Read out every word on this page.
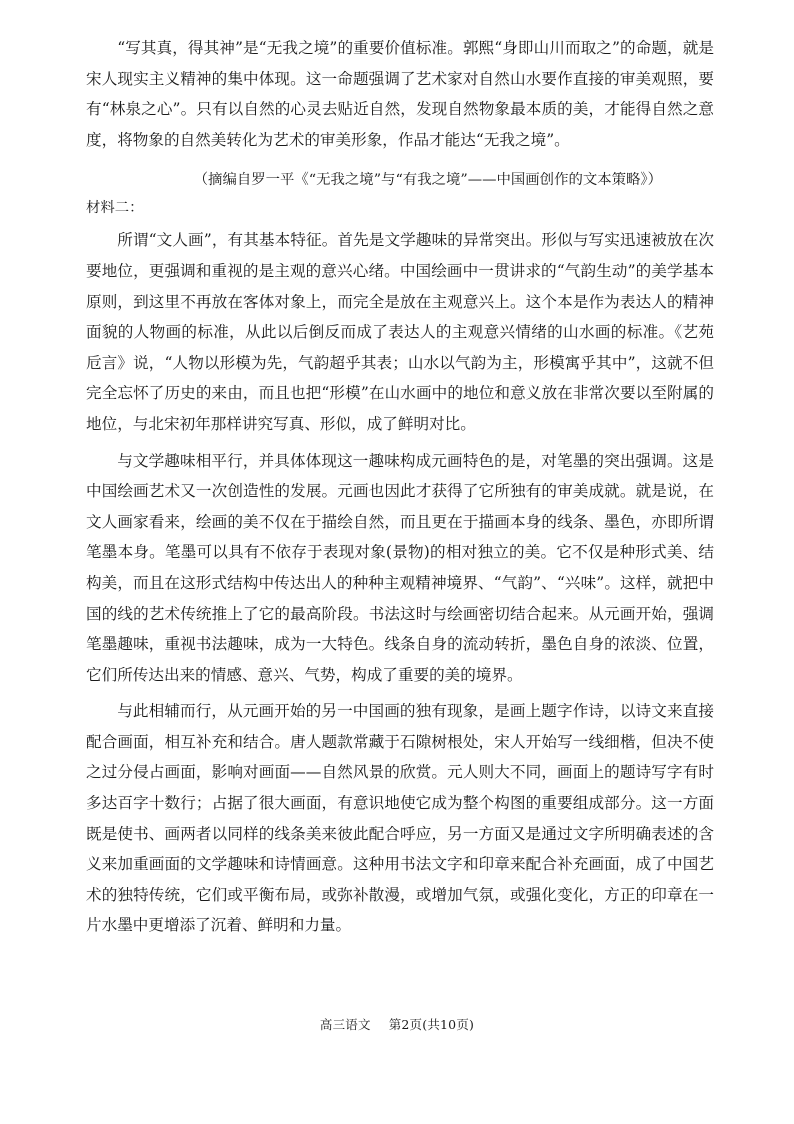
“写其真，得其神”是“无我之境”的重要价值标准。郭熙“身即山川而取之”的命题，就是宋人现实主义精神的集中体现。这一命题强调了艺术家对自然山水要作直接的审美观照，要有“林泉之心”。只有以自然的心灵去贴近自然，发现自然物象最本质的美，才能得自然之意度，将物象的自然美转化为艺术的审美形象，作品才能达“无我之境”。

（摘编自罗一平《“无我之境”与“有我之境”——中国画创作的文本策略》）

材料二：

所谓“文人画”，有其基本特征。首先是文学趣味的异常突出。形似与写实迅速被放在次要地位，更强调和重视的是主观的意兴心绪。中国绘画中一贯讲求的“气韵生动”的美学基本原则，到这里不再放在客体对象上，而完全是放在主观意兴上。这个本是作为表达人的精神面貌的人物画的标准，从此以后倒反而成了表达人的主观意兴情绪的山水画的标准。《艺苑卮言》说，“人物以形模为先，气韵超乎其表；山水以气韵为主，形模寓乎其中”，这就不但完全忘怀了历史的来由，而且也把“形模”在山水画中的地位和意义放在非常次要以至附属的地位，与北宋初年那样讲究写真、形似，成了鲜明对比。

与文学趣味相平行，并具体体现这一趣味构成元画特色的是，对笔墨的突出强调。这是中国绘画艺术又一次创造性的发展。元画也因此才获得了它所独有的审美成就。就是说，在文人画家看来，绘画的美不仅在于描绘自然，而且更在于描画本身的线条、墨色，亦即所谓笔墨本身。笔墨可以具有不依存于表现对象(景物)的相对独立的美。它不仅是种形式美、结构美，而且在这形式结构中传达出人的种种主观精神境界、“气韵”、“兴味”。这样，就把中国的线的艺术传统推上了它的最高阶段。书法这时与绘画密切结合起来。从元画开始，强调笔墨趣味，重视书法趣味，成为一大特色。线条自身的流动转折，墨色自身的浓淡、位置，它们所传达出来的情感、意兴、气势，构成了重要的美的境界。

与此相辅而行，从元画开始的另一中国画的独有现象，是画上题字作诗，以诗文来直接配合画面，相互补充和结合。唐人题款常藏于石隙树根处，宋人开始写一线细楷，但决不使之过分侵占画面，影响对画面——自然风景的欣赏。元人则大不同，画面上的题诗写字有时多达百字十数行；占据了很大画面，有意识地使它成为整个构图的重要组成部分。这一方面既是使书、画两者以同样的线条美来彼此配合呼应，另一方面又是通过文字所明确表述的含义来加重画面的文学趣味和诗情画意。这种用书法文字和印章来配合补充画面，成了中国艺术的独特传统，它们或平衡布局，或弥补散漫，或增加气氛，或强化变化，方正的印章在一片水墨中更增添了沉着、鲜明和力量。

高三语文 第2页(共10页)
